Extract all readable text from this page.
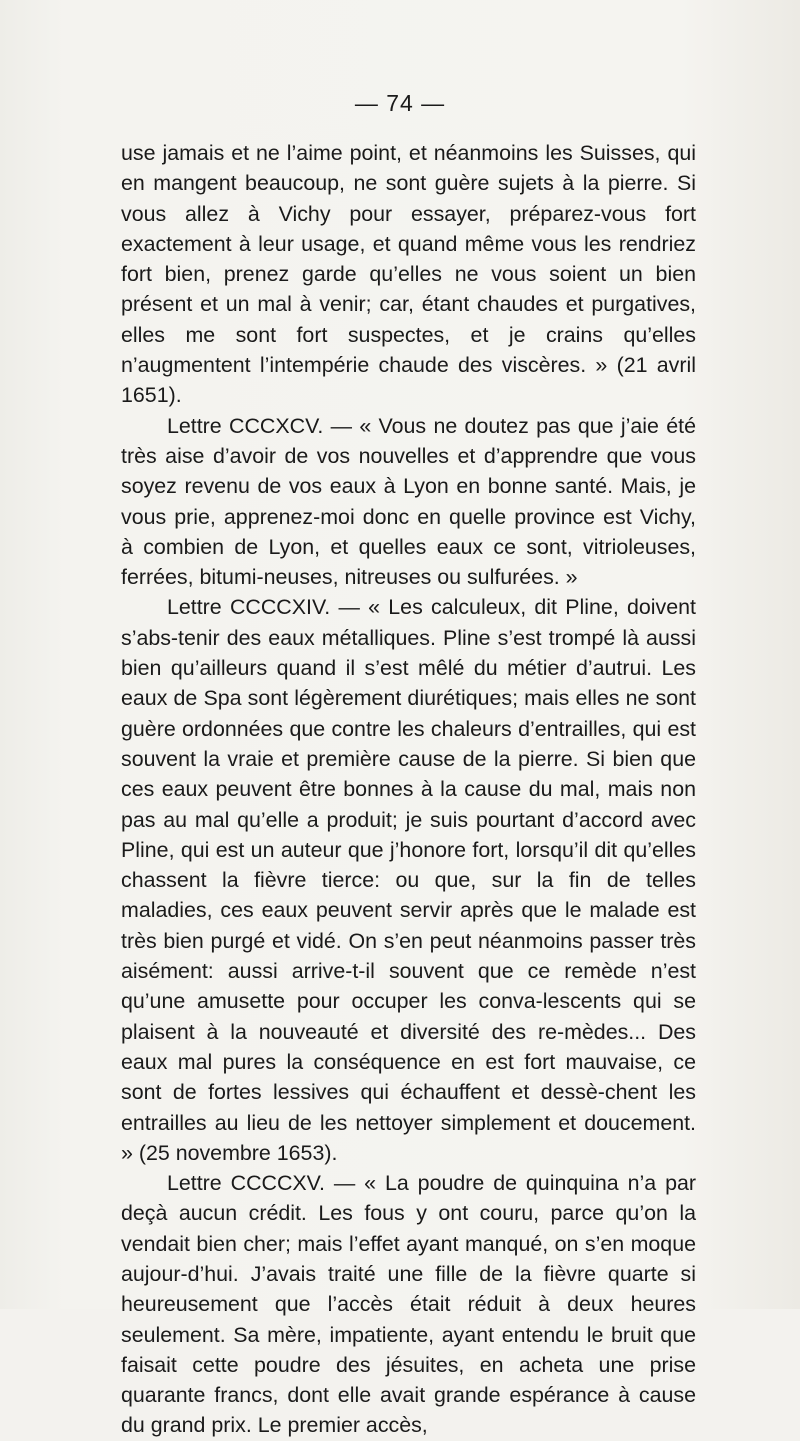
— 74 —

use jamais et ne l’aime point, et néanmoins les Suisses, qui en mangent beaucoup, ne sont guère sujets à la pierre. Si vous allez à Vichy pour essayer, préparez-vous fort exactement à leur usage, et quand même vous les rendriez fort bien, prenez garde qu’elles ne vous soient un bien présent et un mal à venir; car, étant chaudes et purgatives, elles me sont fort suspectes, et je crains qu’elles n’augmentent l’intempérie chaude des viscères. » (21 avril 1651).

Lettre CCCXCV. — « Vous ne doutez pas que j’aie été très aise d’avoir de vos nouvelles et d’apprendre que vous soyez revenu de vos eaux à Lyon en bonne santé. Mais, je vous prie, apprenez-moi donc en quelle province est Vichy, à combien de Lyon, et quelles eaux ce sont, vitrioleuses, ferrées, bitumi-neuses, nitreuses ou sulfurées. »

Lettre CCCCXIV. — « Les calculeux, dit Pline, doivent s’abs-tenir des eaux métalliques. Pline s’est trompé là aussi bien qu’ailleurs quand il s’est mêlé du métier d’autrui. Les eaux de Spa sont légèrement diurétiques; mais elles ne sont guère ordonnées que contre les chaleurs d’entrailles, qui est souvent la vraie et première cause de la pierre. Si bien que ces eaux peuvent être bonnes à la cause du mal, mais non pas au mal qu’elle a produit; je suis pourtant d’accord avec Pline, qui est un auteur que j’honore fort, lorsqu’il dit qu’elles chassent la fièvre tierce: ou que, sur la fin de telles maladies, ces eaux peuvent servir après que le malade est très bien purgé et vidé. On s’en peut néanmoins passer très aisément: aussi arrive-t-il souvent que ce remède n’est qu’une amusette pour occuper les conva-lescents qui se plaisent à la nouveauté et diversité des re-mèdes... Des eaux mal pures la conséquence en est fort mauvaise, ce sont de fortes lessives qui échauffent et dessè-chent les entrailles au lieu de les nettoyer simplement et doucement. » (25 novembre 1653).

Lettre CCCCXV. — « La poudre de quinquina n’a par deçà aucun crédit. Les fous y ont couru, parce qu’on la vendait bien cher; mais l’effet ayant manqué, on s’en moque aujour-d’hui. J’avais traité une fille de la fièvre quarte si heureusement que l’accès était réduit à deux heures seulement. Sa mère, impatiente, ayant entendu le bruit que faisait cette poudre des jésuites, en acheta une prise quarante francs, dont elle avait grande espérance à cause du grand prix. Le premier accès,
